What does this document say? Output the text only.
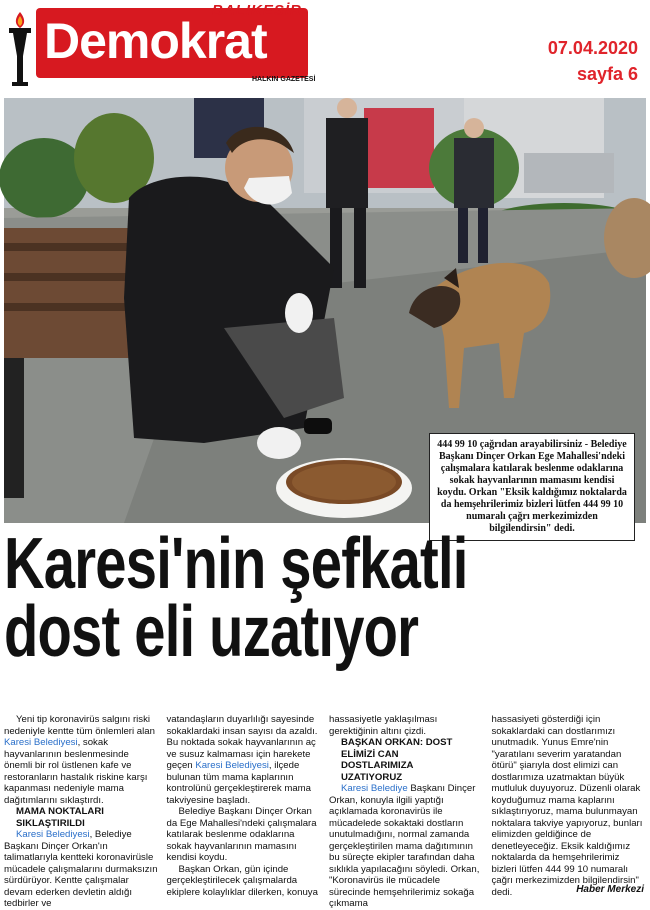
BALIKESİR
Demokrat
HALKIN GAZETESİ
07.04.2020
sayfa 6
444 99 10 çağrıdan arayabilirsiniz - Belediye Başkanı Dinçer Orkan Ege Mahallesi'ndeki çalışmalara katılarak beslenme odaklarına sokak hayvanlarının mamasını kendisi koydu. Orkan "Eksik kaldığımız noktalarda da hemşehrilerimiz bizleri lütfen 444 99 10 numaralı çağrı merkezimizden bilgilendirsin" dedi.
Karesi'nin şefkatli
dost eli uzatıyor

Yeni tip koronavirüs salgını riski nedeniyle kentte tüm önlemleri alan Karesi Belediyesi, sokak hayvanlarının beslenmesinde önemli bir rol üstlenen kafe ve restoranların hastalık riskine karşı kapanması nedeniyle mama dağıtımlarını sıklaştırdı.

MAMA NOKTALARI

SIKLAŞTIRILDI

Karesi Belediyesi, Belediye Başkanı Dinçer Orkan'ın talimatlarıyla kentteki koronavirüsle mücadele çalışmalarını durmaksızın sürdürüyor. Kentte çalışmalar devam ederken devletin aldığı tedbirler ve

vatandaşların duyarlılığı sayesinde sokaklardaki insan sayısı da azaldı. Bu noktada sokak hayvanlarının aç ve susuz kalmaması için harekete geçen Karesi Belediyesi, ilçede bulunan tüm mama kaplarının kontrolünü gerçekleştirerek mama takviyesine başladı.

Belediye Başkanı Dinçer Orkan da Ege Mahallesi'ndeki çalışmalara katılarak beslenme odaklarına sokak hayvanlarının mamasını kendisi koydu.

Başkan Orkan, gün içinde gerçekleştirilecek çalışmalarda ekiplere kolaylıklar dilerken, konuya

hassasiyetle yaklaşılması gerektiğinin altını çizdi.

BAŞKAN ORKAN: DOST

ELİMİZİ CAN

DOSTLARIMIZA

UZATIYORUZ

Karesi Belediye Başkanı Dinçer Orkan, konuyla ilgili yaptığı açıklamada koronavirüs ile mücadelede sokaktaki dostların unutulmadığını, normal zamanda gerçekleştirilen mama dağıtımının bu süreçte ekipler tarafından daha sıklıkla yapılacağını söyledi. Orkan, "Koronavirüs ile mücadele sürecinde hemşehrilerimiz sokağa çıkmama

hassasiyeti gösterdiği için sokaklardaki can dostlarımızı unutmadık. Yunus Emre'nin "yaratılanı severim yaratandan ötürü" şiarıyla dost elimizi can dostlarımıza uzatmaktan büyük mutluluk duyuyoruz. Düzenli olarak koyduğumuz mama kaplarını sıklaştırıyoruz, mama bulunmayan noktalara takviye yapıyoruz, bunları elimizden geldiğince de denetleyeceğiz. Eksik kaldığımız noktalarda da hemşehrilerimiz bizleri lütfen 444 99 10 numaralı çağrı merkezimizden bilgilendirsin" dedi.	Haber Merkezi
